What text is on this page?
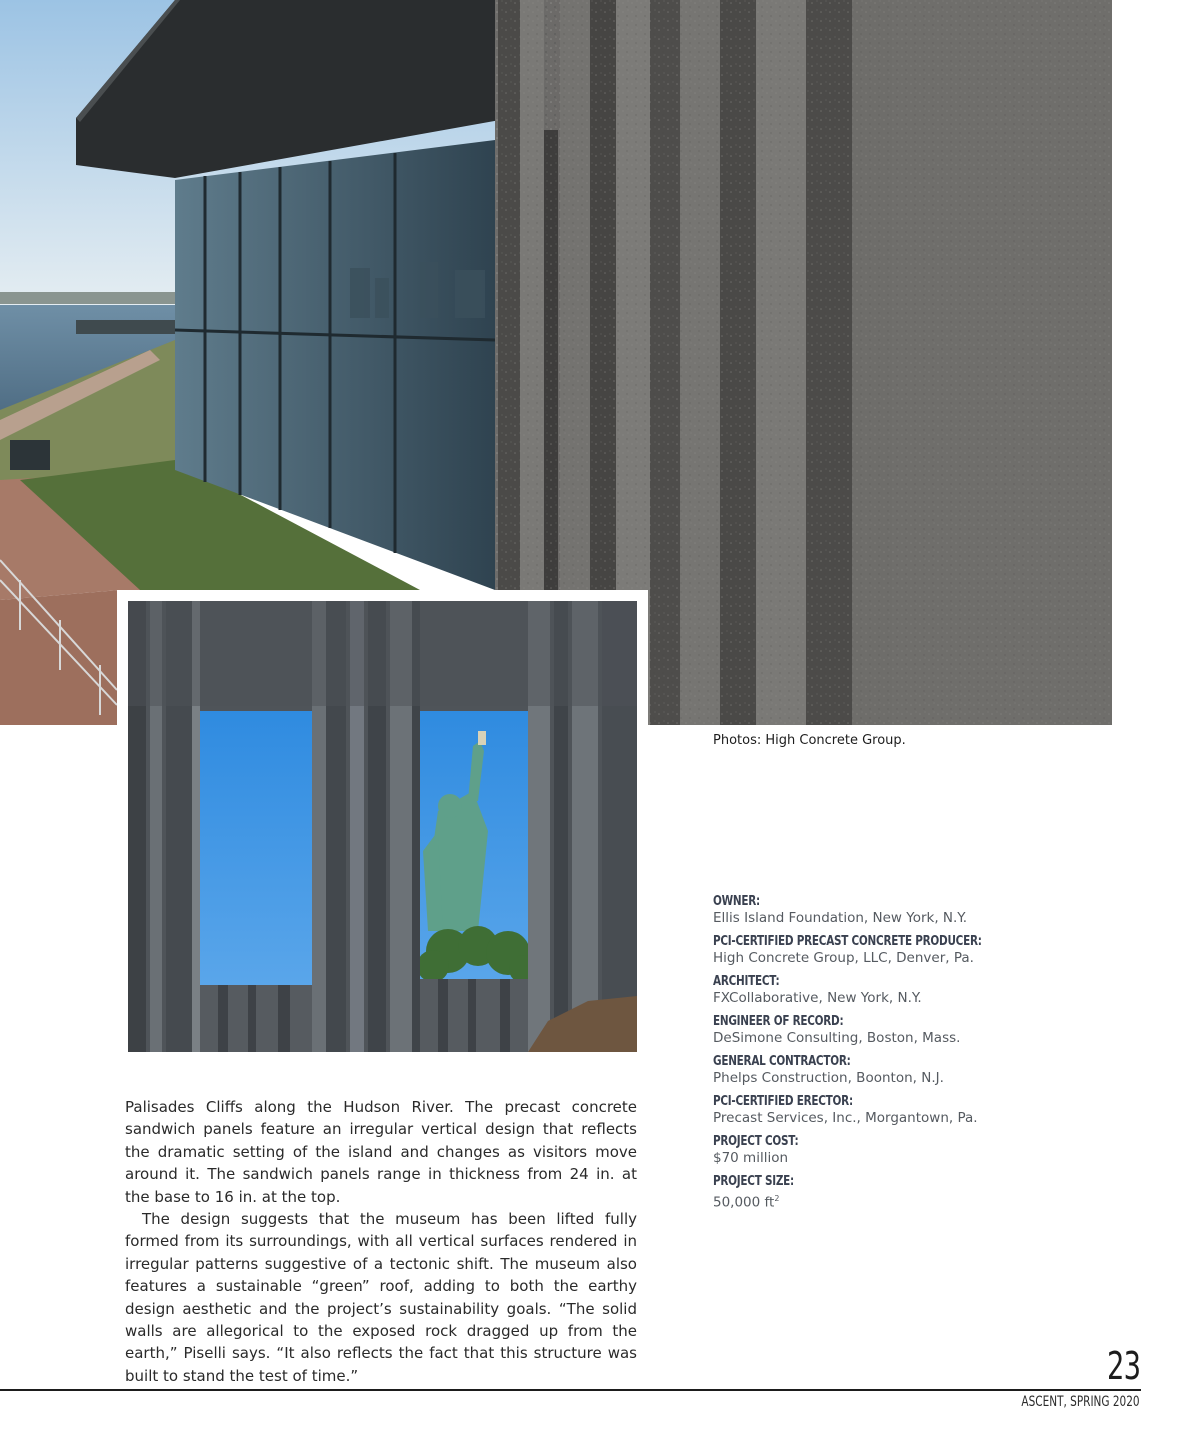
Photos: High Concrete Group.
OWNER:
Ellis Island Foundation, New York, N.Y.
PCI-CERTIFIED PRECAST CONCRETE PRODUCER:
High Concrete Group, LLC, Denver, Pa.
ARCHITECT:
FXCollaborative, New York, N.Y.
ENGINEER OF RECORD:
DeSimone Consulting, Boston, Mass.
GENERAL CONTRACTOR:
Phelps Construction, Boonton, N.J.
PCI-CERTIFIED ERECTOR:
Precast Services, Inc., Morgantown, Pa.
PROJECT COST:
$70 million
PROJECT SIZE:
50,000 $ft^2$

Palisades Cliffs along the Hudson River. The precast concrete sandwich panels feature an irregular vertical design that reflects the dramatic setting of the island and changes as visitors move around it. The sandwich panels range in thickness from 24 in. at the base to 16 in. at the top.

The design suggests that the museum has been lifted fully formed from its surroundings, with all vertical surfaces rendered in irregular patterns suggestive of a tectonic shift. The museum also features a sustainable “green” roof, adding to both the earthy design aesthetic and the project’s sustainability goals. “The solid walls are allegorical to the exposed rock dragged up from the earth,” Piselli says. “It also reflects the fact that this structure was built to stand the test of time.”	23
ASCENT, SPRING 2020
